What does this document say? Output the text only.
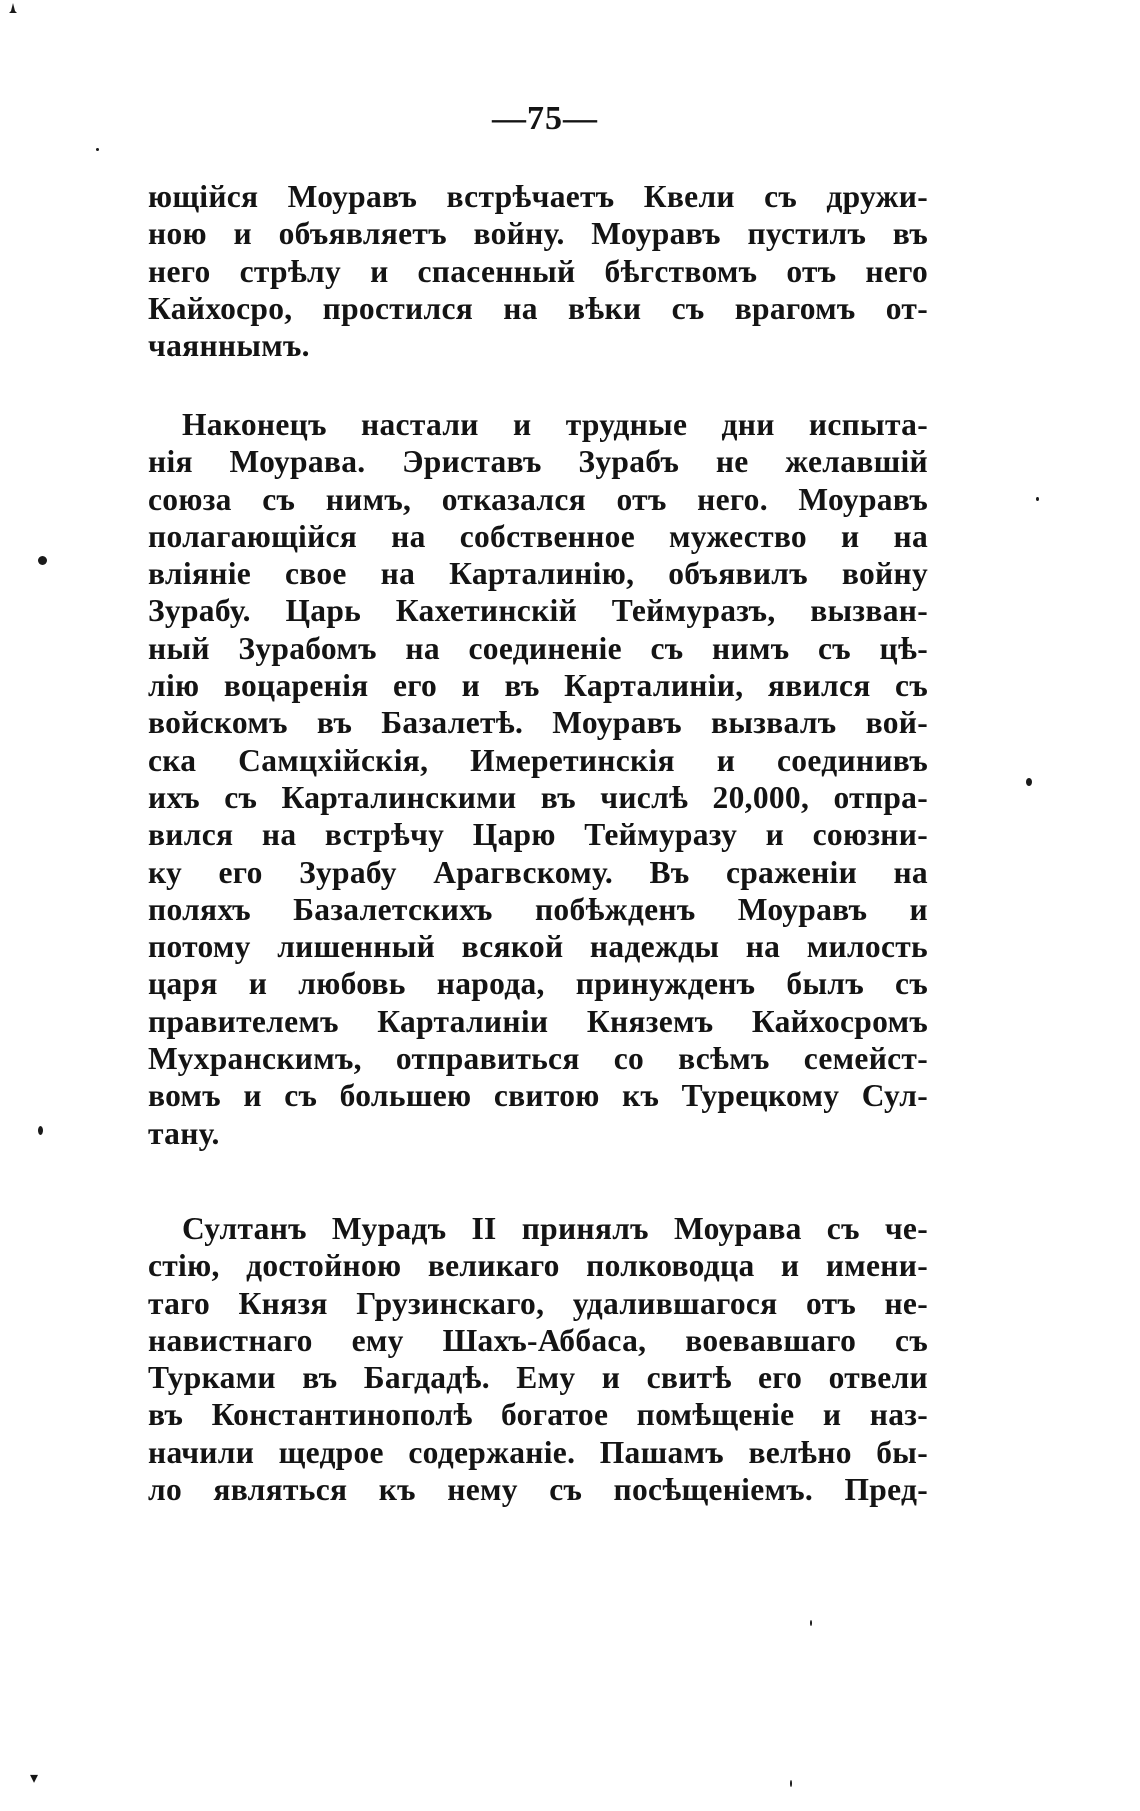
—75—
ющійся Моуравъ встрѣчаетъ Квели съ дружи-
ною и объявляетъ войну. Моуравъ пустилъ въ
него стрѣлу и спасенный бѣгствомъ отъ него
Кайхосро, простился на вѣки съ врагомъ от-
чаяннымъ.
Наконецъ настали и трудные дни испыта-
нія Моурава. Эриставъ Зурабъ не желавшій
союза съ нимъ, отказался отъ него. Моуравъ
полагающійся на собственное мужество и на
вліяніе свое на Карталинію, объявилъ войну
Зурабу. Царь Кахетинскій Теймуразъ, вызван-
ный Зурабомъ на соединеніе съ нимъ съ цѣ-
лію воцаренія его и въ Карталиніи, явился съ
войскомъ въ Базалетѣ. Моуравъ вызвалъ вой-
ска Самцхійскія, Имеретинскія и соединивъ
ихъ съ Карталинскими въ числѣ 20,000, отпра-
вился на встрѣчу Царю Теймуразу и союзни-
ку его Зурабу Арагвскому. Въ сраженіи на
поляхъ Базалетскихъ побѣжденъ Моуравъ и
потому лишенный всякой надежды на милость
царя и любовь народа, принужденъ былъ съ
правителемъ Карталиніи Княземъ Кайхосромъ
Мухранскимъ, отправиться со всѣмъ семейст-
вомъ и съ большею свитою къ Турецкому Сул-
тану.
Султанъ Мурадъ II принялъ Моурава съ че-
стію, достойною великаго полководца и имени-
таго Князя Грузинскаго, удалившагося отъ не-
навистнаго ему Шахъ-Аббаса, воевавшаго съ
Турками въ Багдадѣ. Ему и свитѣ его отвели
въ Константинополѣ богатое помѣщеніе и наз-
начили щедрое содержаніе. Пашамъ велѣно бы-
ло являться къ нему съ посѣщеніемъ. Пред-
▾
